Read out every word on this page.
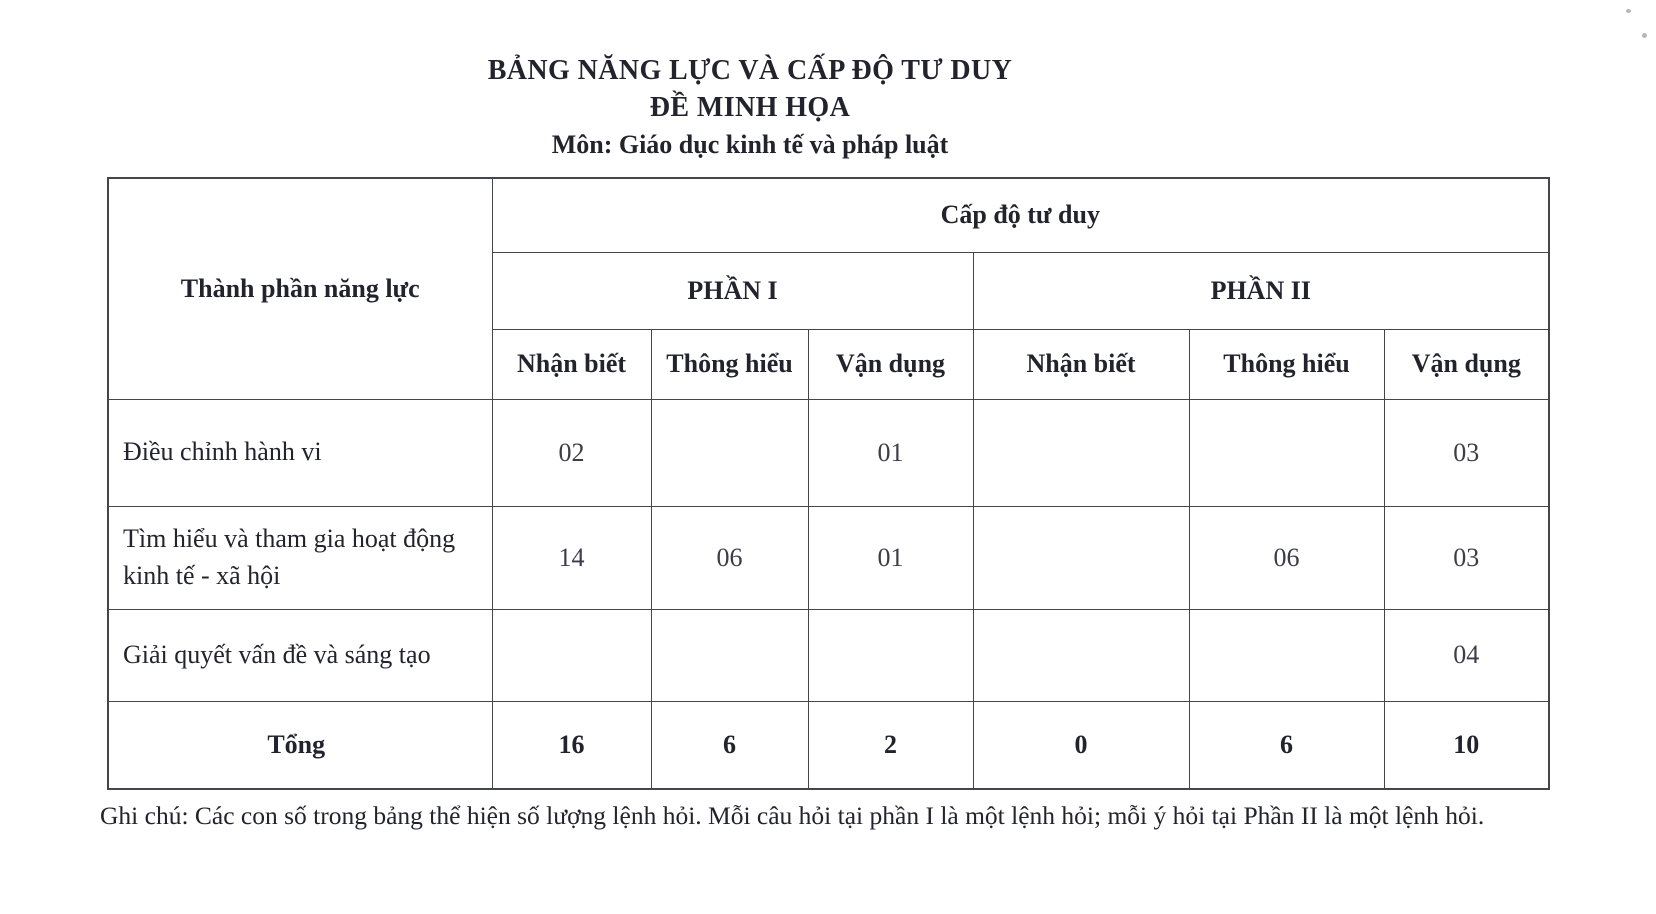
BẢNG NĂNG LỰC VÀ CẤP ĐỘ TƯ DUY
ĐỀ MINH HỌA
Môn: Giáo dục kinh tế và pháp luật
Thành phần năng lực	Cấp độ tư duy					
	PHẦN I			PHẦN II		
	Nhận biết	Thông hiểu	Vận dụng	Nhận biết	Thông hiểu	Vận dụng
Điều chỉnh hành vi	02		01			03
Tìm hiểu và tham gia hoạt động kinh tế - xã hội	14	06	01		06	03
Giải quyết vấn đề và sáng tạo						04
Tổng	16	6	2	0	6	10

Ghi chú: Các con số trong bảng thể hiện số lượng lệnh hỏi. Mỗi câu hỏi tại phần I là một lệnh hỏi; mỗi ý hỏi tại Phần II là một lệnh hỏi.
